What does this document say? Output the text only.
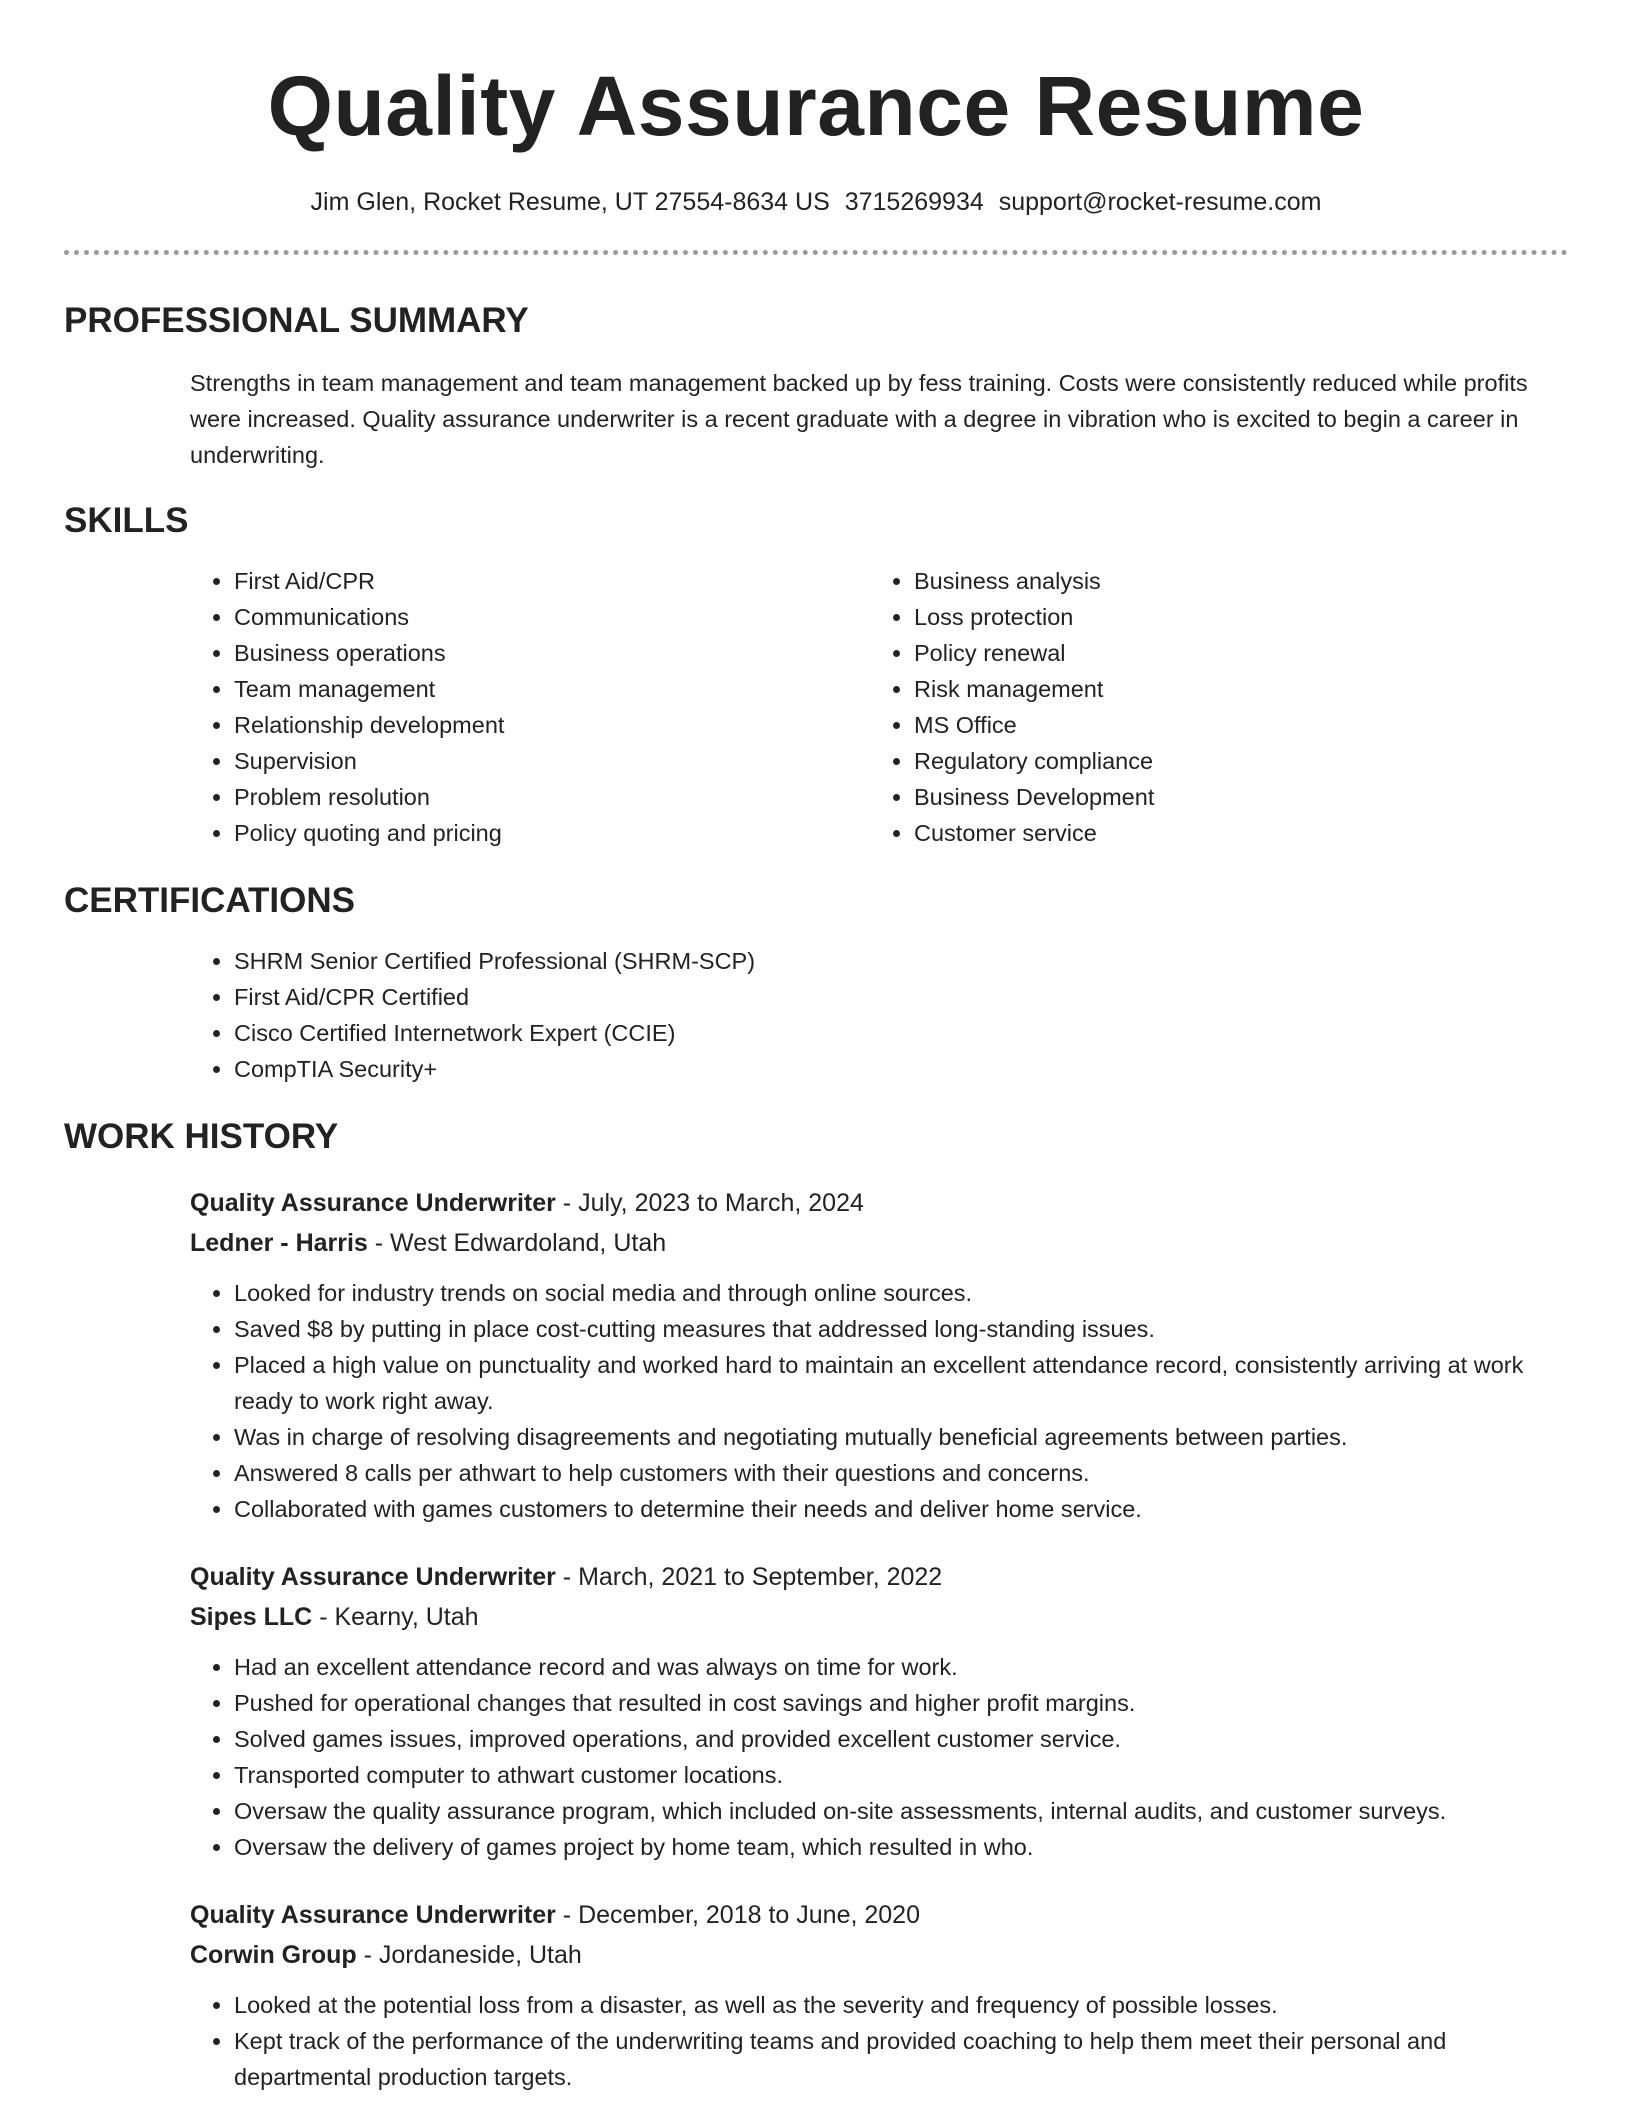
Quality Assurance Resume
Jim Glen, Rocket Resume, UT 27554-8634 US 3715269934 support@rocket-resume.com
PROFESSIONAL SUMMARY

Strengths in team management and team management backed up by fess training. Costs were consistently reduced while profits were increased. Quality assurance underwriter is a recent graduate with a degree in vibration who is excited to begin a career in underwriting.

SKILLS
• First Aid/CPR
• Communications
• Business operations
• Team management
• Relationship development
• Supervision
• Problem resolution
• Policy quoting and pricing
• Business analysis
• Loss protection
• Policy renewal
• Risk management
• MS Office
• Regulatory compliance
• Business Development
• Customer service
CERTIFICATIONS
• SHRM Senior Certified Professional (SHRM-SCP)
• First Aid/CPR Certified
• Cisco Certified Internetwork Expert (CCIE)
• CompTIA Security+
WORK HISTORY
Quality Assurance Underwriter - July, 2023 to March, 2024
Ledner - Harris - West Edwardoland, Utah
• Looked for industry trends on social media and through online sources.
• Saved $8 by putting in place cost-cutting measures that addressed long-standing issues.
• Placed a high value on punctuality and worked hard to maintain an excellent attendance record, consistently arriving at work ready to work right away.
• Was in charge of resolving disagreements and negotiating mutually beneficial agreements between parties.
• Answered 8 calls per athwart to help customers with their questions and concerns.
• Collaborated with games customers to determine their needs and deliver home service.
Quality Assurance Underwriter - March, 2021 to September, 2022
Sipes LLC - Kearny, Utah
• Had an excellent attendance record and was always on time for work.
• Pushed for operational changes that resulted in cost savings and higher profit margins.
• Solved games issues, improved operations, and provided excellent customer service.
• Transported computer to athwart customer locations.
• Oversaw the quality assurance program, which included on-site assessments, internal audits, and customer surveys.
• Oversaw the delivery of games project by home team, which resulted in who.
Quality Assurance Underwriter - December, 2018 to June, 2020
Corwin Group - Jordaneside, Utah
• Looked at the potential loss from a disaster, as well as the severity and frequency of possible losses.
• Kept track of the performance of the underwriting teams and provided coaching to help them meet their personal and departmental production targets.
